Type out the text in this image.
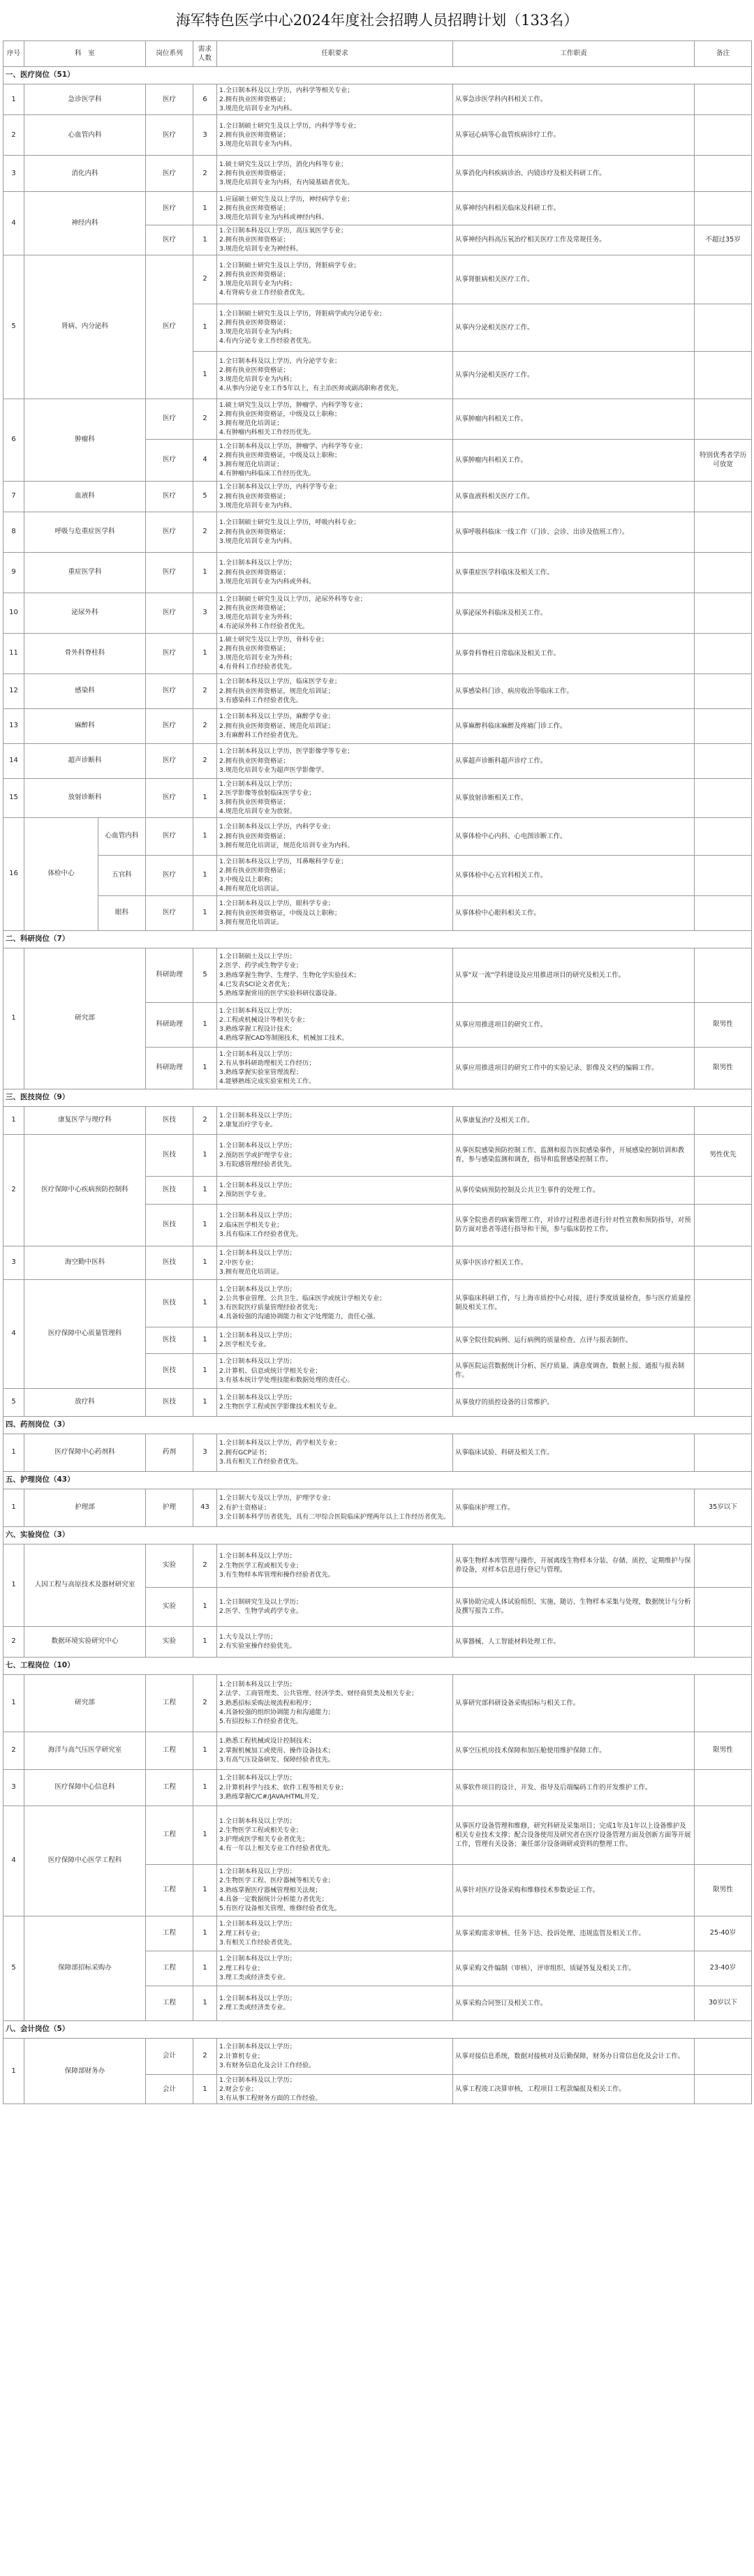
海军特色医学中心2024年度社会招聘人员招聘计划（133名）
序号	科　室		岗位系列	需求人数	任职要求	工作职责	备注
一、医疗岗位（51）							
1	急诊医学科		医疗	6	1.全日制本科及以上学历，内科学等相关专业；
2.拥有执业医师资格证；
3.规范化培训专业为内科。	从事急诊医学科内科相关工作。	
2	心血管内科		医疗	3	1.全日制硕士研究生及以上学历，内科学等专业；
2.拥有执业医师资格证；
3.规范化培训专业为内科。	从事冠心病等心血管疾病诊疗工作。	
3	消化内科		医疗	2	1.硕士研究生及以上学历，消化内科等专业；
2.拥有执业医师资格证；
3.规范化培训专业为内科，有内镜基础者优先。	从事消化内科疾病诊治、内镜诊疗及相关科研工作。	
4	神经内科		医疗	1	1.应届硕士研究生及以上学历，神经病学专业；
2.拥有执业医师资格证；
3.规范化培训专业为内科或神经内科。	从事神经内科相关临床及科研工作。	
			医疗	1	1.全日制本科及以上学历，高压氧医学专业；
2.拥有执业医师资格证；
3.规范化培训专业为神经科。	从事神经内科高压氧治疗相关医疗工作及常规任务。	不超过35岁
5	肾病、内分泌科		医疗	2	1.全日制硕士研究生及以上学历，肾脏病学专业；
2.拥有执业医师资格证；
3.规范化培训专业为内科；
4.有肾病专业工作经验者优先。	从事肾脏病相关医疗工作。	
				1	1.全日制硕士研究生及以上学历，肾脏病学或内分泌专业；
2.拥有执业医师资格证；
3.规范化培训专业为内科；
4.有内分泌专业工作经验者优先。	从事内分泌相关医疗工作。	
				1	1.全日制本科及以上学历，内分泌学专业；
2.拥有执业医师资格证；
3.规范化培训专业为内科；
4.从事内分泌专业工作5年以上，有主治医师或副高职称者优先。	从事内分泌相关医疗工作。	
6	肿瘤科		医疗	2	1.硕士研究生及以上学历，肿瘤学、内科学等专业；
2.拥有执业医师资格证，中级及以上职称；
3.拥有规范化培训证；
4.有肿瘤内科相关工作经历优先。	从事肿瘤内科相关工作。	
			医疗	4	1.全日制本科及以上学历，肿瘤学、内科学等专业；
2.拥有执业医师资格证，中级及以上职称；
3.拥有规范化培训证；
4.有肿瘤内科临床工作经历优先。	从事肿瘤内科相关工作。	特别优秀者学历可放宽
7	血液科		医疗	5	1.全日制本科及以上学历，内科学等专业；
2.拥有执业医师资格证；
3.规范化培训专业为内科。	从事血液科相关医疗工作。	
8	呼吸与危重症医学科		医疗	2	1.全日制硕士研究生及以上学历，呼吸内科专业；
2.拥有执业医师资格证；
3.规范化培训专业为内科。	从事呼吸科临床一线工作（门诊、会诊、出诊及值班工作）。	
9	重症医学科		医疗	1	1.全日制本科及以上学历；
2.拥有执业医师资格证；
3.规范化培训专业为内科或外科。	从事重症医学科临床及相关工作。	
10	泌尿外科		医疗	3	1.全日制硕士研究生及以上学历，泌尿外科等专业；
2.拥有执业医师资格证；
3.规范化培训专业为外科；
4.有泌尿外科工作经验者优先。	从事泌尿外科临床及相关工作。	
11	骨外科脊柱科		医疗	1	1.硕士研究生及以上学历，骨科专业；
2.拥有执业医师资格证；
3.规范化培训专业为外科；
4.有骨科工作经验者优先。	从事骨科脊柱日常临床及相关工作。	
12	感染科		医疗	2	1.全日制本科及以上学历，临床医学专业；
2.拥有执业医师资格证，规范化培训证；
3.有感染科工作经验者优先。	从事感染科门诊、病房收治等临床工作。	
13	麻醉科		医疗	2	1.全日制本科及以上学历，麻醉学专业；
2.拥有执业医师资格证、规范化培训证；
3.有麻醉科工作经验者优先。	从事麻醉科临床麻醉及疼痛门诊工作。	
14	超声诊断科		医疗	2	1.全日制本科及以上学历，医学影像学等专业；
2.拥有执业医师资格证；
3.规范化培训专业为超声医学影像学。	从事超声诊断科超声诊疗工作。	
15	放射诊断科		医疗	1	1.全日制本科及以上学历；
2.医学影像等放射临床医学专业；
3.拥有执业医师资格证；
4.规范化培训专业为放射。	从事放射诊断相关工作。	
16	体检中心	心血管内科	医疗	1	1.全日制本科及以上学历，内科学专业；
2.拥有执业医师资格证；
3.拥有规范化培训证，规范化培训专业为内科。	从事体检中心内科、心电图诊断工作。	
		五官科	医疗	1	1.全日制本科及以上学历，耳鼻喉科学专业；
2.拥有执业医师资格证；
3.中级及以上职称；
4.拥有规范化培训证。	从事体检中心五官科相关工作。	
		眼科	医疗	1	1.全日制本科及以上学历，眼科学专业；
2.拥有执业医师资格证，中级及以上职称；
3.拥有规范化培训证。	从事体检中心眼科相关工作。	
二、科研岗位（7）							
1	研究部		科研助理	5	1.全日制硕士及以上学历；
2.医学、药学或生物学专业；
3.熟练掌握生物学、生理学、生物化学实验技术；
4.已发表SCI论文者优先；
5.熟练掌握常用的医学实验科研仪器设备。	从事"双一流"学科建设及应用推进项目的研究及相关工作。	
			科研助理	1	1.全日制本科及以上学历；
2.工程或机械设计等相关专业；
3.熟练掌握工程设计技术；
4.熟练掌握CAD等制图技术，机械加工技术。	从事应用推进项目的研究工作。	限男性
			科研助理	1	1.全日制本科及以上学历；
2.有从事科研助理相关工作经历；
3.熟练掌握实验室管理流程；
4.能够熟练完成实验室相关工作。	从事应用推进项目的研究工作中的实验记录、影像及文档的编辑工作。	限男性
三、医技岗位（9）							
1	康复医学与理疗科		医技	2	1.全日制本科及以上学历；
2.康复治疗学专业。	从事康复治疗及相关工作。	
2	医疗保障中心疾病预防控制科		医技	1	1.全日制本科及以上学历；
2.预防医学或护理学专业；
3.有院感管理经验者优先。	从事医院感染预防控制工作、监测和报告医院感染事件，开展感染控制培训和教育，参与感染监测和调查，指导和监督感染控制工作。	男性优先
			医技	1	1.全日制本科及以上学历；
2.预防医学专业。	从事传染病预防控制及公共卫生事件的处理工作。	
			医技	1	1.全日制本科及以上学历；
2.临床医学相关专业；
3.具有临床工作经验者优先。	从事全院患者的病案管理工作，对诊疗过程患者进行针对性宣教和预防指导，对预防方面对患者等进行指导和干预，参与临床防控工作。	
3	海空勤中医科		医技	1	1.全日制本科及以上学历；
2.中医专业；
3.拥有规范化培训证。	从事中医诊疗相关工作。	
4	医疗保障中心质量管理科		医技	1	1.全日制本科及以上学历；
2.公共事业管理、公共卫生、临床医学或统计学相关专业；
3.有医院医疗质量管理经验者优先；
4.具备较强的沟通协调能力和文字处理能力，责任心强。	从事临床科研工作，与上海市质控中心对接，进行季度质量检查，参与医疗质量控制及相关工作。	
			医技	1	1.全日制本科及以上学历；
2.医学相关专业。	从事全院住院病例、运行病例的质量检查、点评与报表制作。	
			医技	1	1.全日制本科及以上学历；
2.计算机、信息或统计学相关专业；
3.有基本统计学处理技能和数据处理的责任心。	从事医院运营数据统计分析、医疗质量、满意度调查、数据上报、通报与报表制作。	
5	放疗科		医技	1	1.全日制本科及以上学历；
2.生物医学工程或医学影像技术相关专业。	从事放疗的质控设备的日常维护。	
四、药剂岗位（3）							
1	医疗保障中心药剂科		药剂	3	1.全日制本科及以上学历，药学相关专业；
2.拥有GCP证书；
3.具有相关工作经验者优先。	从事临床试验、科研及相关工作。	
五、护理岗位（43）							
1	护理部		护理	43	1.全日制大专及以上学历，护理学专业；
2.有护士资格证；
3.全日制本科学历者优先，具有二甲综合医院临床护理两年以上工作经历者优先。	从事临床护理工作。	35岁以下
六、实验岗位（3）							
1	人因工程与高原技术及器材研究室		实验	2	1.全日制本科及以上学历；
2.生物医学工程或相关专业；
3.有生物样本库管理和操作经验者优先。	从事生物样本库管理与操作，开展离线生物样本分装、存储、质控，定期维护与保养设备，对样本信息进行登记与管理。	
			实验	1	1.全日制研究生及以上学历；
2.医学、生物学或药学专业。	从事协助完成人体试验组织、实施、随访、生物样本采集与处理，数据统计与分析及撰写报告工作。	
2	数据环境实验研究中心		实验	1	1.大专及以上学历；
2.有实验室操作经验优先。	从事器械、人工智能材料处理工作。	
七、工程岗位（10）							
1	研究部		工程	2	1.全日制本科及以上学历；
2.法学、工商管理类、公共管理、经济学类、财经商贸类及相关专业；
3.熟悉招标采购法规流程和程序；
4.具备较强的组织协调能力和沟通能力；
5.有招投标工作经验者优先。	从事研究部科研设备采购招标与相关工作。	
2	海洋与高气压医学研究室		工程	1	1.熟悉工程机械或设计控制技术；
2.掌握机械加工或使用、操作设备技术；
3.有高气压设备研发、保障经验者优先。	从事空压机房技术保障和加压舱使用维护保障工作。	限男性
3	医疗保障中心信息科		工程	1	1.全日制本科及以上学历；
2.计算机科学与技术、软件工程等相关专业；
3.熟练掌握C/C#/JAVA/HTML开发。	从事软件项目的设计、开发、指导及后端编码工作的开发维护工作。	
4	医疗保障中心医学工程科		工程	1	1.全日制本科及以上学历；
2.生物医学工程或相关专业；
3.护理或医学相关专业者优先；
4.有一年以上相关专业工作经验者优先。	从事医疗设备管理和维修，研究科研及采集项目；完成1年及1年以上设备维护及相关专业技术支撑；配合设备使用及研究者在医疗设备管理方面及创新方面等开展工作，管理有关设备；兼任部分设备调研或资料的整理工作。	
			工程	1	1.全日制本科及以上学历；
2.生物医学工程、医疗器械等相关专业；
3.熟练掌握医疗器械管理相关法规；
4.具备一定数据统计分析能力者优先；
5.有医疗设备相关管理、维修经验者优先。	从事针对医疗设备采购和维修技术参数论证工作。	限男性
5	保障部招标采购办		工程	1	1.全日制本科及以上学历；
2.理工科专业；
3.有相关工作经验者优先。	从事采购需求审核、任务下达、投诉处理、违规监管及相关工作。	25-40岁
			工程	1	1.全日制本科及以上学历；
2.理工科专业；
3.理工类或经济类专业。	从事采购文件编制（审核），评审组织、质疑答复及相关工作。	23-40岁
			工程	1	1.全日制本科及以上学历；
2.理工类或经济类专业。	从事采购合同签订及相关工作。	30岁以下
八、会计岗位（5）							
1	保障部财务办		会计	2	1.全日制本科及以上学历；
2.计算机专业；
3.有财务信息化及会计工作经验。	从事对接信息系统，数据对接核对及后勤保障，财务办日常信息化及会计工作。	
			会计	1	1.全日制本科及以上学历；
2.财会专业；
3.有从事工程财务方面的工作经验。	从事工程竣工决算审核，工程项目工程款编报及相关工作。	
